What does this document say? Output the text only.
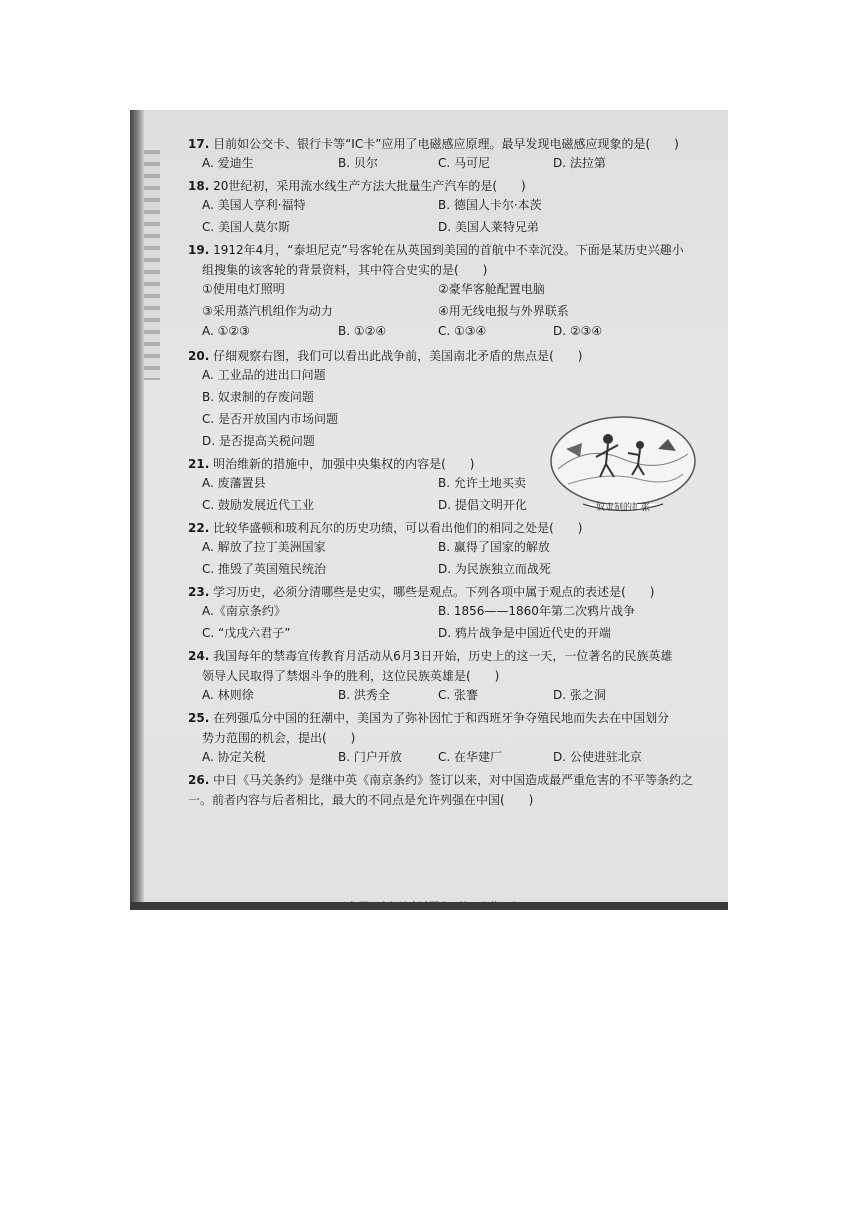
17. 目前如公交卡、银行卡等“IC卡”应用了电磁感应原理。最早发现电磁感应现象的是(　　)

A. 爱迪生	B. 贝尔	C. 马可尼	D. 法拉第

18. 20世纪初，采用流水线生产方法大批量生产汽车的是(　　)

A. 美国人亨利·福特	B. 德国人卡尔·本茨
C. 美国人莫尔斯	D. 美国人莱特兄弟

19. 1912年4月，“泰坦尼克”号客轮在从英国到美国的首航中不幸沉没。下面是某历史兴趣小

组搜集的该客轮的背景资料，其中符合史实的是(　　)

①使用电灯照明	②豪华客舱配置电脑
③采用蒸汽机组作为动力	④用无线电报与外界联系
A. ①②③	B. ①②④	C. ①③④	D. ②③④

20. 仔细观察右图，我们可以看出此战争前，美国南北矛盾的焦点是(　　)

A. 工业品的进出口问题
B. 奴隶制的存废问题
C. 是否开放国内市场问题
D. 是否提高关税问题

21. 明治维新的措施中，加强中央集权的内容是(　　)

A. 废藩置县	B. 允许土地买卖
C. 鼓励发展近代工业	D. 提倡文明开化

22. 比较华盛顿和玻利瓦尔的历史功绩，可以看出他们的相同之处是(　　)

A. 解放了拉丁美洲国家	B. 赢得了国家的解放
C. 推毁了英国殖民统治	D. 为民族独立而战死

23. 学习历史，必须分清哪些是史实，哪些是观点。下列各项中属于观点的表述是(　　)

A.《南京条约》	B. 1856——1860年第二次鸦片战争
C. “戊戌六君子”	D. 鸦片战争是中国近代史的开端

24. 我国每年的禁毒宣传教育月活动从6月3日开始，历史上的这一天，一位著名的民族英雄

领导人民取得了禁烟斗争的胜利，这位民族英雄是(　　)

A. 林则徐	B. 洪秀全	C. 张謇	D. 张之洞

25. 在列强瓜分中国的狂潮中，美国为了弥补因忙于和西班牙争夺殖民地而失去在中国划分

势力范围的机会，提出(　　)

A. 协定关税	B. 门户开放	C. 在华建厂	D. 公使进驻北京

26. 中日《马关条约》是继中英《南京条约》签订以来，对中国造成最严重危害的不平等条约之

一。前者内容与后者相比，最大的不同点是允许列强在中国(　　)

奴隶制的扩张
